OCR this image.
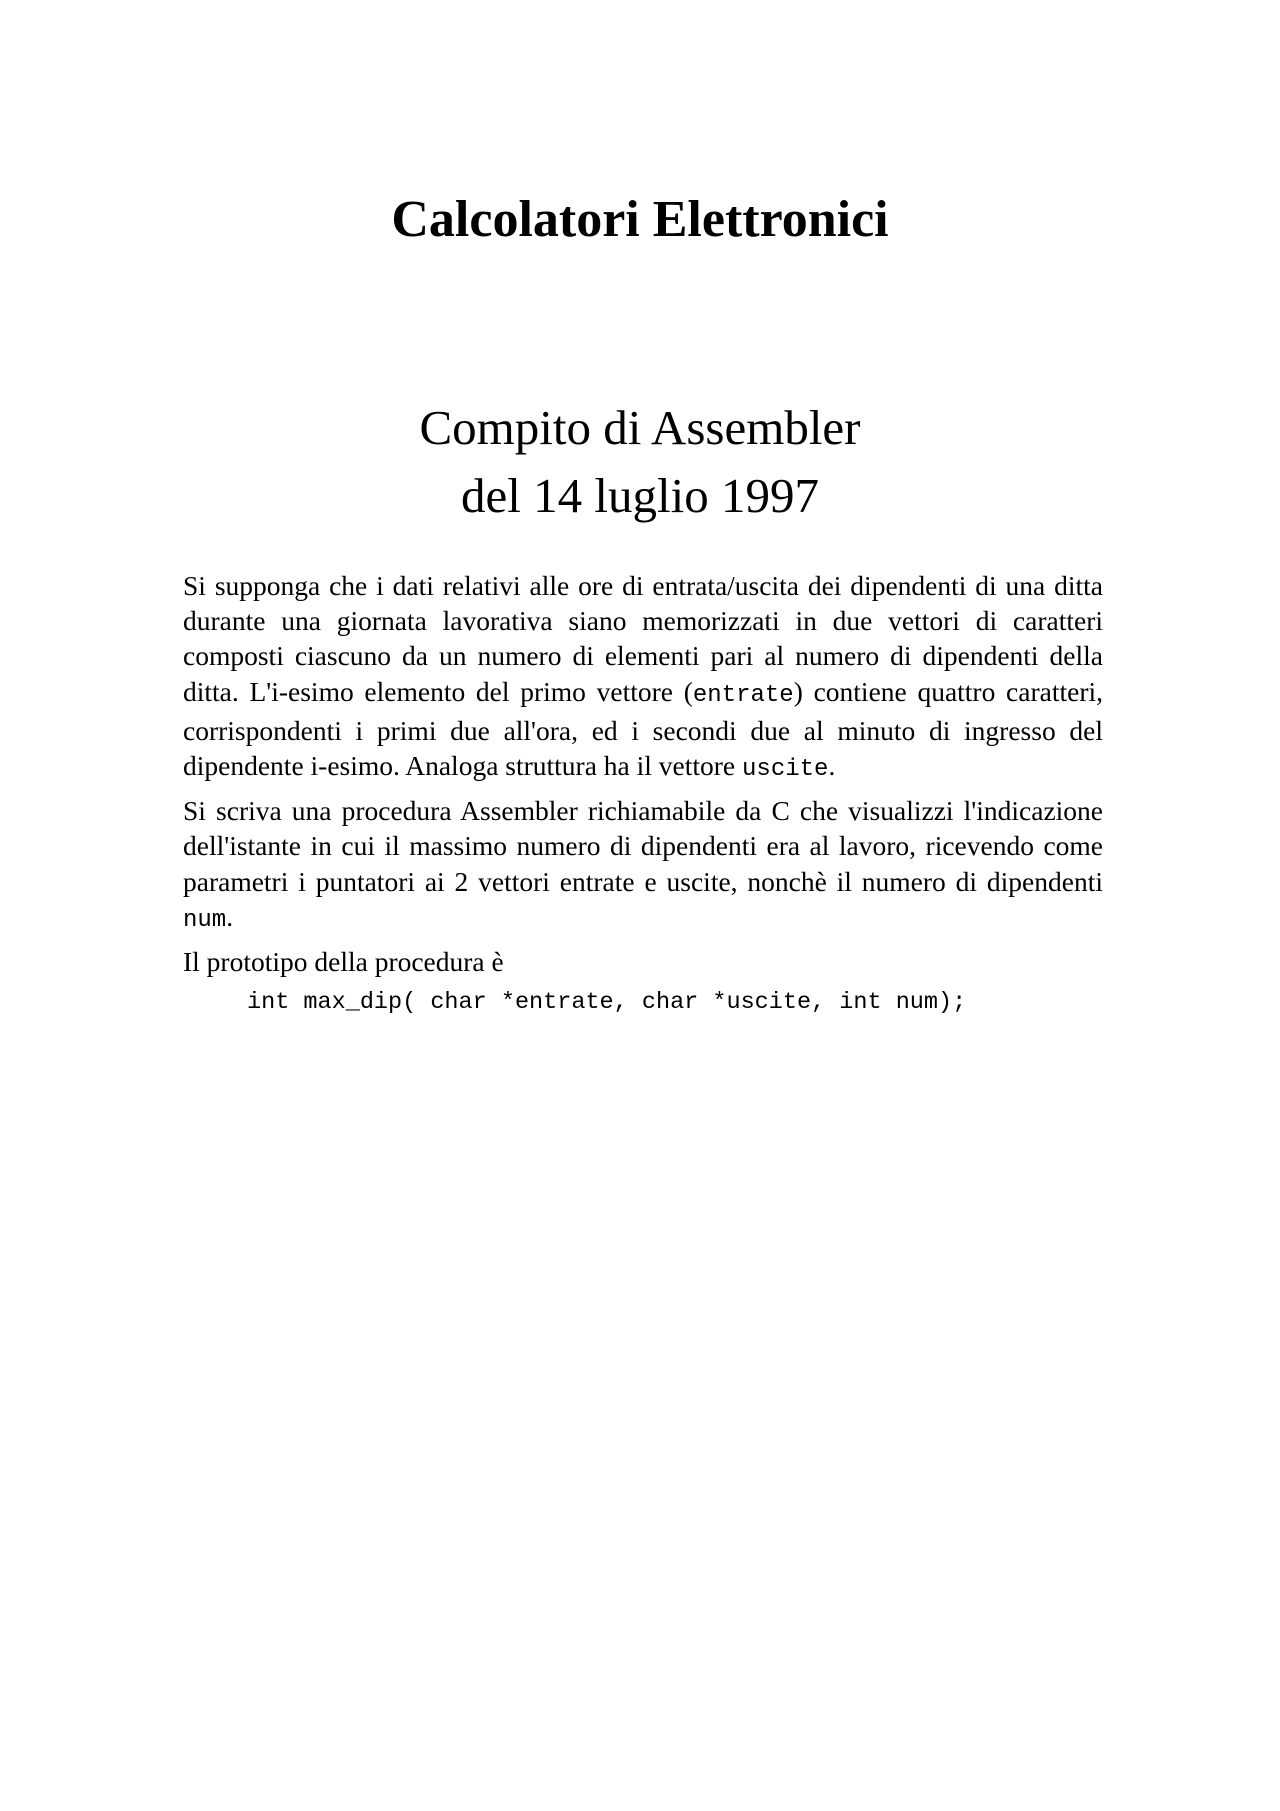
Calcolatori Elettronici
Compito di Assembler
del 14 luglio 1997

Si supponga che i dati relativi alle ore di entrata/uscita dei dipendenti di una ditta durante una giornata lavorativa siano memorizzati in due vettori di caratteri composti ciascuno da un numero di elementi pari al numero di dipendenti della ditta. L'i-esimo elemento del primo vettore (entrate) contiene quattro caratteri, corrispondenti i primi due all'ora, ed i secondi due al minuto di ingresso del dipendente i-esimo. Analoga struttura ha il vettore uscite.

Si scriva una procedura Assembler richiamabile da C che visualizzi l'indicazione dell'istante in cui il massimo numero di dipendenti era al lavoro, ricevendo come parametri i puntatori ai 2 vettori entrate e uscite, nonchè il numero di dipendenti num.

Il prototipo della procedura è

int max_dip( char *entrate, char *uscite, int num);
